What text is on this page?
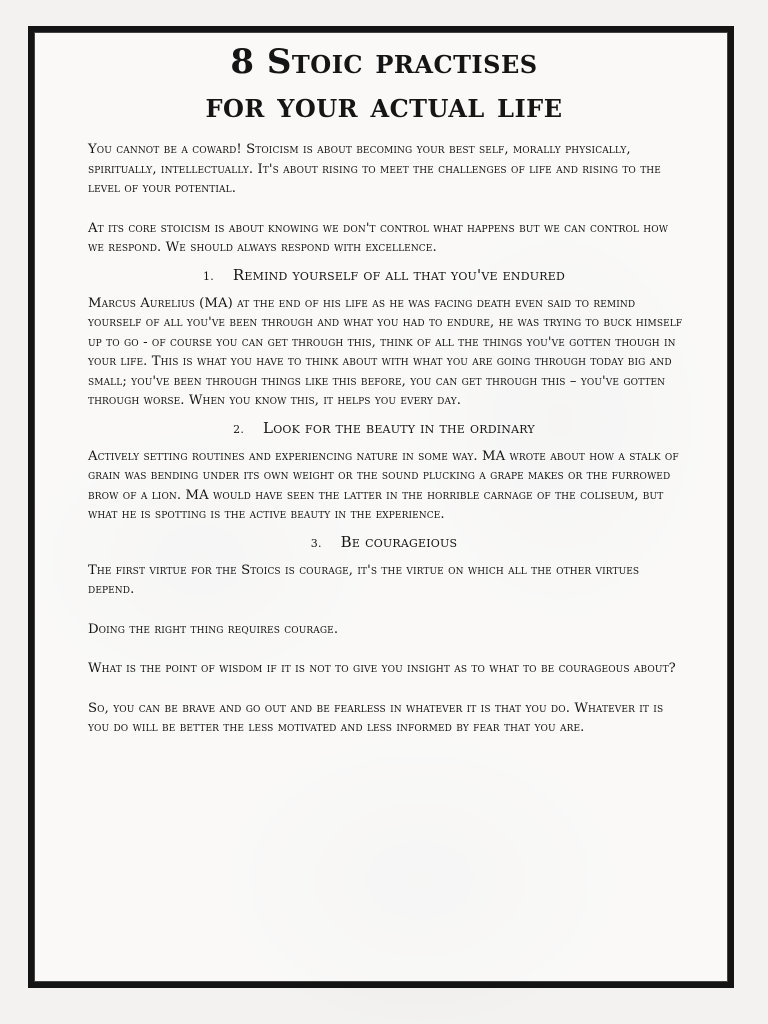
8 Stoic practises
for your actual life

You cannot be a coward! Stoicism is about becoming your best self, morally physically, spiritually, intellectually. It's about rising to meet the challenges of life and rising to the level of your potential.

At its core stoicism is about knowing we don't control what happens but we can control how we respond. We should always respond with excellence.

1. Remind yourself of all that you've endured

Marcus Aurelius (MA) at the end of his life as he was facing death even said to remind yourself of all you've been through and what you had to endure, he was trying to buck himself up to go - of course you can get through this, think of all the things you've gotten though in your life. This is what you have to think about with what you are going through today big and small; you've been through things like this before, you can get through this – you've gotten through worse. When you know this, it helps you every day.

2. Look for the beauty in the ordinary

Actively setting routines and experiencing nature in some way. MA wrote about how a stalk of grain was bending under its own weight or the sound plucking a grape makes or the furrowed brow of a lion. MA would have seen the latter in the horrible carnage of the coliseum, but what he is spotting is the active beauty in the experience.

3. Be courageious

The first virtue for the Stoics is courage, it's the virtue on which all the other virtues depend.

Doing the right thing requires courage.

What is the point of wisdom if it is not to give you insight as to what to be courageous about?

So, you can be brave and go out and be fearless in whatever it is that you do. Whatever it is you do will be better the less motivated and less informed by fear that you are.
